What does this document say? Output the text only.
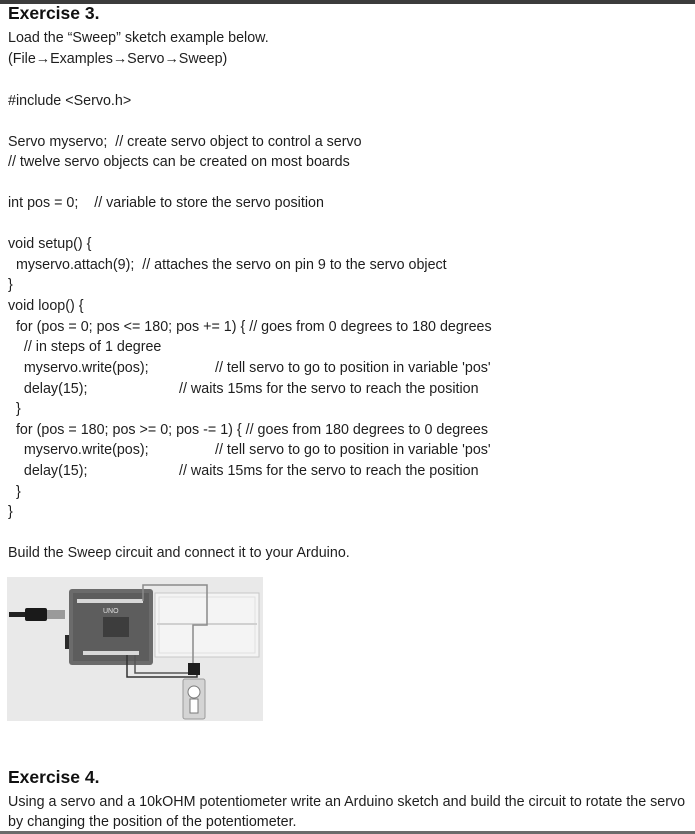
Exercise 3.
Load the “Sweep” sketch example below.
(File→Examples→Servo→Sweep)
#include <Servo.h>
Servo myservo;  // create servo object to control a servo
// twelve servo objects can be created on most boards
int pos = 0;    // variable to store the servo position
void setup() {
myservo.attach(9);  // attaches the servo on pin 9 to the servo object
}
void loop() {
for (pos = 0; pos <= 180; pos += 1) { // goes from 0 degrees to 180 degrees
// in steps of 1 degree
myservo.write(pos);	// tell servo to go to position in variable 'pos'
delay(15);	// waits 15ms for the servo to reach the position
}
for (pos = 180; pos >= 0; pos -= 1) { // goes from 180 degrees to 0 degrees
myservo.write(pos);	// tell servo to go to position in variable 'pos'
delay(15);	// waits 15ms for the servo to reach the position
}
}
Build the Sweep circuit and connect it to your Arduino.
UNO
Exercise 4.
Using a servo and a 10kOHM potentiometer write an Arduino sketch and build the circuit to rotate the servo by changing the position of the potentiometer.
